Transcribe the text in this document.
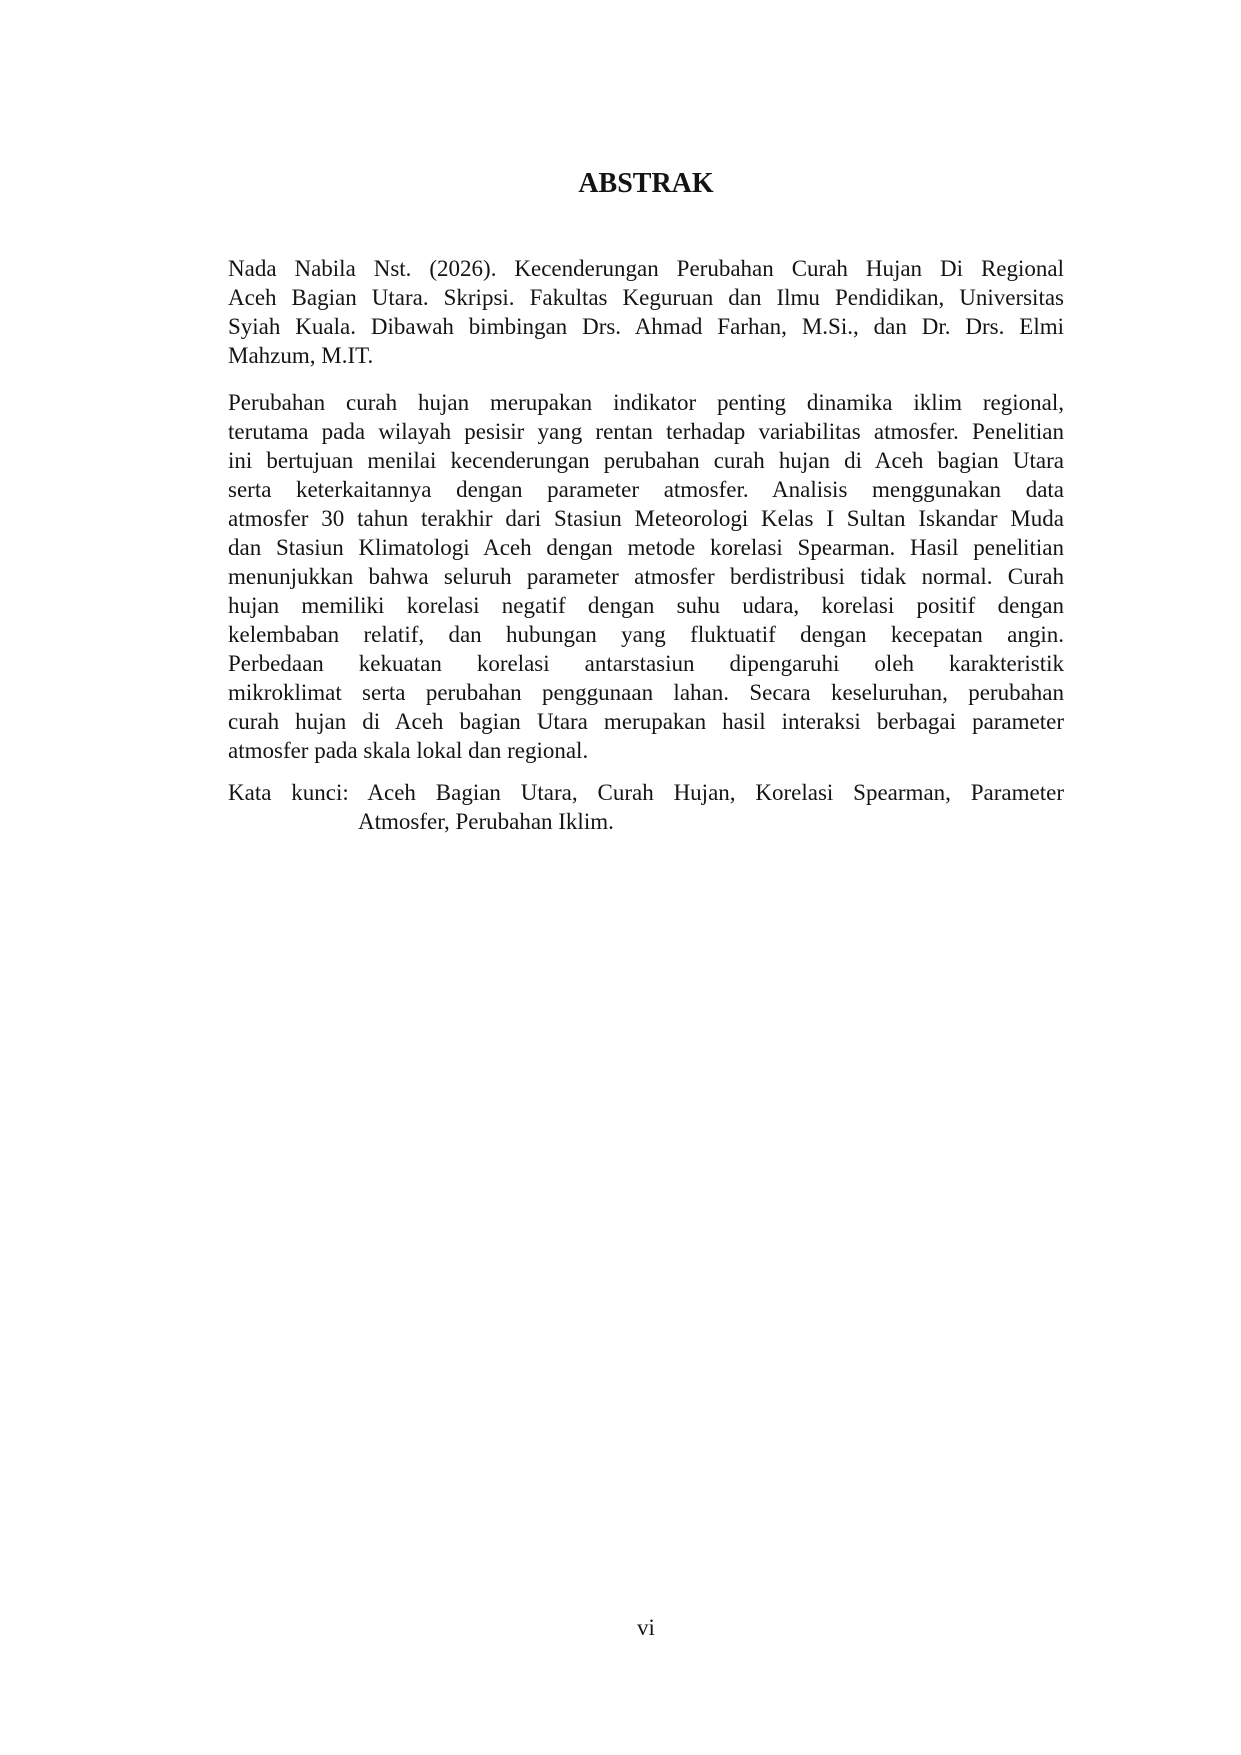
ABSTRAK
Nada Nabila Nst. (2026). Kecenderungan Perubahan Curah Hujan Di Regional
Aceh Bagian Utara. Skripsi. Fakultas Keguruan dan Ilmu Pendidikan, Universitas
Syiah Kuala. Dibawah bimbingan Drs. Ahmad Farhan, M.Si., dan Dr. Drs. Elmi
Mahzum, M.IT.
Perubahan curah hujan merupakan indikator penting dinamika iklim regional,
terutama pada wilayah pesisir yang rentan terhadap variabilitas atmosfer. Penelitian
ini bertujuan menilai kecenderungan perubahan curah hujan di Aceh bagian Utara
serta keterkaitannya dengan parameter atmosfer. Analisis menggunakan data
atmosfer 30 tahun terakhir dari Stasiun Meteorologi Kelas I Sultan Iskandar Muda
dan Stasiun Klimatologi Aceh dengan metode korelasi Spearman. Hasil penelitian
menunjukkan bahwa seluruh parameter atmosfer berdistribusi tidak normal. Curah
hujan memiliki korelasi negatif dengan suhu udara, korelasi positif dengan
kelembaban relatif, dan hubungan yang fluktuatif dengan kecepatan angin.
Perbedaan kekuatan korelasi antarstasiun dipengaruhi oleh karakteristik
mikroklimat serta perubahan penggunaan lahan. Secara keseluruhan, perubahan
curah hujan di Aceh bagian Utara merupakan hasil interaksi berbagai parameter
atmosfer pada skala lokal dan regional.
Kata kunci: Aceh Bagian Utara, Curah Hujan, Korelasi Spearman, Parameter
Atmosfer, Perubahan Iklim.
vi
